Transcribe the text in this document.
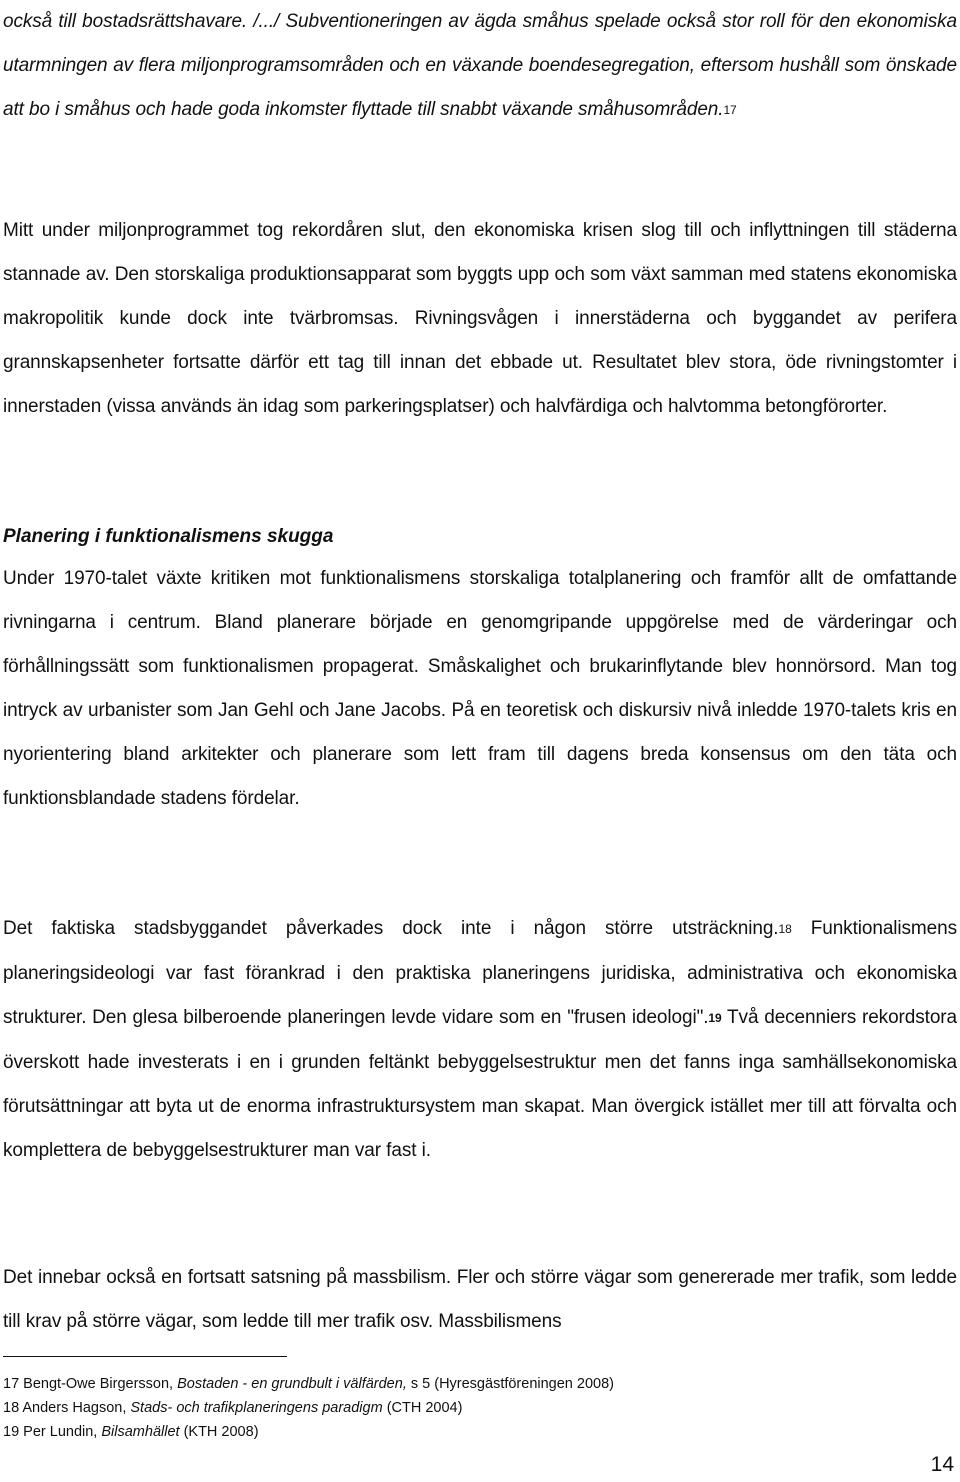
också till bostadsrättshavare. /.../ Subventioneringen av ägda småhus spelade också stor roll för den ekonomiska utarmningen av flera miljonprogramsområden och en växande boendesegregation, eftersom hushåll som önskade att bo i småhus och hade goda inkomster flyttade till snabbt växande småhusområden.17

Mitt under miljonprogrammet tog rekordåren slut, den ekonomiska krisen slog till och inflyttningen till städerna stannade av. Den storskaliga produktionsapparat som byggts upp och som växt samman med statens ekonomiska makropolitik kunde dock inte tvärbromsas. Rivningsvågen i innerstäderna och byggandet av perifera grannskapsenheter fortsatte därför ett tag till innan det ebbade ut. Resultatet blev stora, öde rivningstomter i innerstaden (vissa används än idag som parkeringsplatser) och halvfärdiga och halvtomma betongförorter.

Planering i funktionalismens skugga

Under 1970-talet växte kritiken mot funktionalismens storskaliga totalplanering och framför allt de omfattande rivningarna i centrum. Bland planerare började en genomgripande uppgörelse med de värderingar och förhållningssätt som funktionalismen propagerat. Småskalighet och brukarinflytande blev honnörsord. Man tog intryck av urbanister som Jan Gehl och Jane Jacobs. På en teoretisk och diskursiv nivå inledde 1970-talets kris en nyorientering bland arkitekter och planerare som lett fram till dagens breda konsensus om den täta och funktionsblandade stadens fördelar.

Det faktiska stadsbyggandet påverkades dock inte i någon större utsträckning.18 Funktionalismens planeringsideologi var fast förankrad i den praktiska planeringens juridiska, administrativa och ekonomiska strukturer. Den glesa bilberoende planeringen levde vidare som en "frusen ideologi".19 Två decenniers rekordstora överskott hade investerats i en i grunden feltänkt bebyggelsestruktur men det fanns inga samhällsekonomiska förutsättningar att byta ut de enorma infrastruktursystem man skapat. Man övergick istället mer till att förvalta och komplettera de bebyggelsestrukturer man var fast i.

Det innebar också en fortsatt satsning på massbilism. Fler och större vägar som genererade mer trafik, som ledde till krav på större vägar, som ledde till mer trafik osv. Massbilismens

17 Bengt-Owe Birgersson, Bostaden - en grundbult i välfärden, s 5 (Hyresgästföreningen 2008)
18 Anders Hagson, Stads- och trafikplaneringens paradigm (CTH 2004)
19 Per Lundin, Bilsamhället (KTH 2008)
14
